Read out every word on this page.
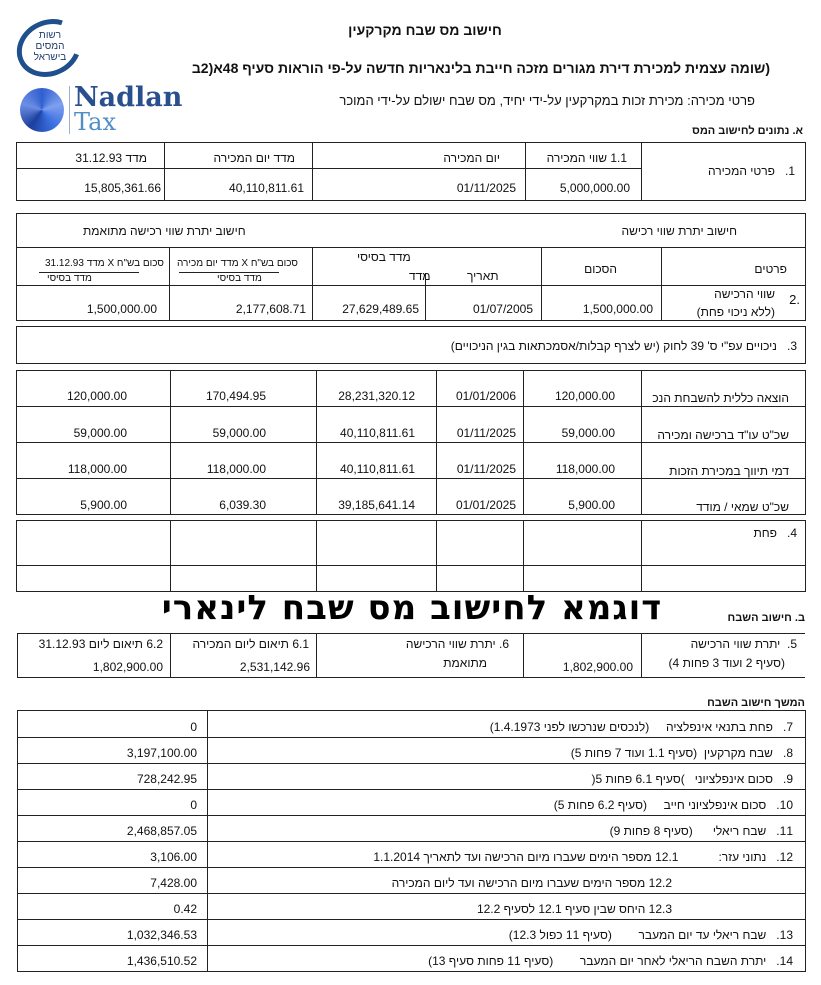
רשות
המסים
בישראל
Nadlan
Tax
חישוב מס שבח מקרקעין
(שומה עצמית למכירת דירת מגורים מזכה חייבת בלינאריות חדשה על-פי הוראות סעיף 48א(2ב
פרטי מכירה: מכירת זכות במקרקעין על-ידי יחיד, מס שבח ישולם על-ידי המוכר
א. נתונים לחישוב המס
1.   פרטי המכירה
1.1 שווי המכירה
יום המכירה
מדד יום המכירה
מדד 31.12.93
5,000,000.00
01/11/2025
40,110,811.61
15,805,361.66
חישוב יתרת שווי רכישה
חישוב יתרת שווי רכישה מתואמת
פרטים
הסכום
מדד בסיסי
תאריך
מדד
סכום בש"ח X מדד יום מכירה
מדד בסיסי
סכום בש"ח X מדד 31.12.93
מדד בסיסי
2.
שווי הרכישה
(ללא ניכוי פחת)
1,500,000.00
01/07/2005
27,629,489.65
2,177,608.71
1,500,000.00
3.   ניכויים עפ"י ס' 39 לחוק (יש לצרף קבלות/אסמכתאות בגין הניכויים)
הוצאה כללית להשבחת הנכ
120,000.00
01/01/2006
28,231,320.12
170,494.95
120,000.00
שכ"ט עו"ד ברכישה ומכירה
59,000.00
01/11/2025
40,110,811.61
59,000.00
59,000.00
דמי תיווך במכירת הזכות
118,000.00
01/11/2025
40,110,811.61
118,000.00
118,000.00
שכ"ט שמאי / מודד
5,900.00
01/01/2025
39,185,641.14
6,039.30
5,900.00
4.   פחת
דוגמא לחישוב מס שבח לינארי	ב. חישוב השבח
5.  יתרת שווי הרכישה
(סעיף 2 ועוד 3 פחות 4)
1,802,900.00
6. יתרת שווי הרכישה
מתואמת
6.1 תיאום ליום המכירה
2,531,142.96
6.2 תיאום ליום 31.12.93
1,802,900.00
המשך חישוב השבח
7.   פחת בתנאי אינפלציה     (לנכסים שנרכשו לפני 1.4.1973)
0
8.   שבח מקרקעין  (סעיף 1.1 ועוד 7 פחות 5)
3,197,100.00
9.   סכום אינפלציוני   )סעיף 6.1 פחות 5(
728,242.95
10.   סכום אינפלציוני חייב     (סעיף 6.2 פחות 5)
0
11.   שבח ריאלי      (סעיף 8 פחות 9)
2,468,857.05
12.   נתוני עזר:            12.1 מספר הימים שעברו מיום הרכישה ועד לתאריך 1.1.2014
3,106.00
12.2 מספר הימים שעברו מיום הרכישה ועד ליום המכירה
7,428.00
12.3 היחס שבין סעיף 12.1 לסעיף 12.2
0.42
13.   שבח ריאלי עד יום המעבר        (סעיף 11 כפול 12.3)
1,032,346.53
14.   יתרת השבח הריאלי לאחר יום המעבר        (סעיף 11 פחות סעיף 13)
1,436,510.52
